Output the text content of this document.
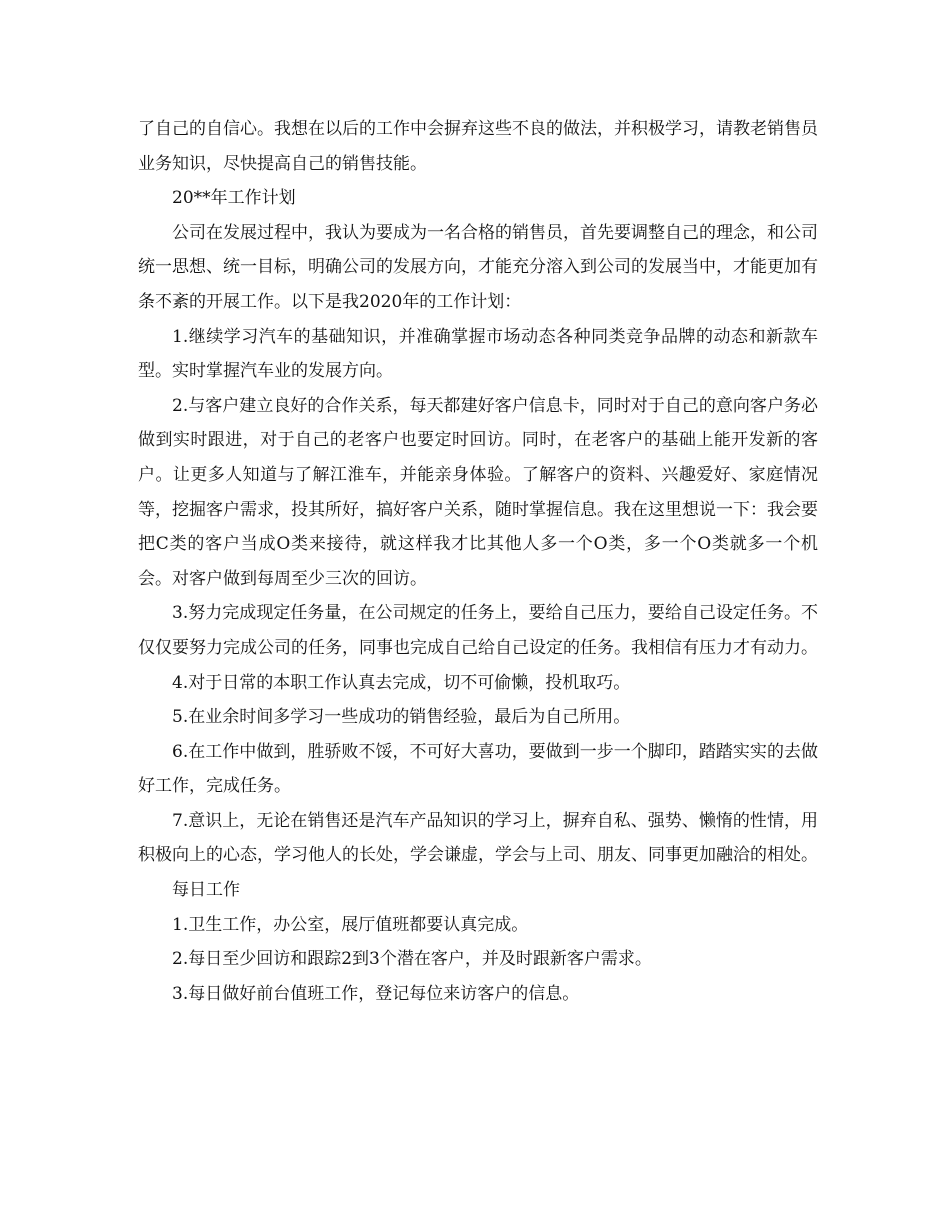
了自己的自信心。我想在以后的工作中会摒弃这些不良的做法，并积极学习，请教老销售员业务知识，尽快提高自己的销售技能。

20**年工作计划

公司在发展过程中，我认为要成为一名合格的销售员，首先要调整自己的理念，和公司统一思想、统一目标，明确公司的发展方向，才能充分溶入到公司的发展当中，才能更加有条不紊的开展工作。以下是我2020年的工作计划：

1.继续学习汽车的基础知识，并准确掌握市场动态各种同类竞争品牌的动态和新款车型。实时掌握汽车业的发展方向。

2.与客户建立良好的合作关系，每天都建好客户信息卡，同时对于自己的意向客户务必做到实时跟进，对于自己的老客户也要定时回访。同时，在老客户的基础上能开发新的客户。让更多人知道与了解江淮车，并能亲身体验。了解客户的资料、兴趣爱好、家庭情况等，挖掘客户需求，投其所好，搞好客户关系，随时掌握信息。我在这里想说一下：我会要把C类的客户当成O类来接待，就这样我才比其他人多一个O类，多一个O类就多一个机会。对客户做到每周至少三次的回访。

3.努力完成现定任务量，在公司规定的任务上，要给自己压力，要给自己设定任务。不仅仅要努力完成公司的任务，同事也完成自己给自己设定的任务。我相信有压力才有动力。

4.对于日常的本职工作认真去完成，切不可偷懒，投机取巧。

5.在业余时间多学习一些成功的销售经验，最后为自己所用。

6.在工作中做到，胜骄败不馁，不可好大喜功，要做到一步一个脚印，踏踏实实的去做好工作，完成任务。

7.意识上，无论在销售还是汽车产品知识的学习上，摒弃自私、强势、懒惰的性情，用积极向上的心态，学习他人的长处，学会谦虚，学会与上司、朋友、同事更加融洽的相处。

每日工作

1.卫生工作，办公室，展厅值班都要认真完成。

2.每日至少回访和跟踪2到3个潜在客户，并及时跟新客户需求。

3.每日做好前台值班工作，登记每位来访客户的信息。
